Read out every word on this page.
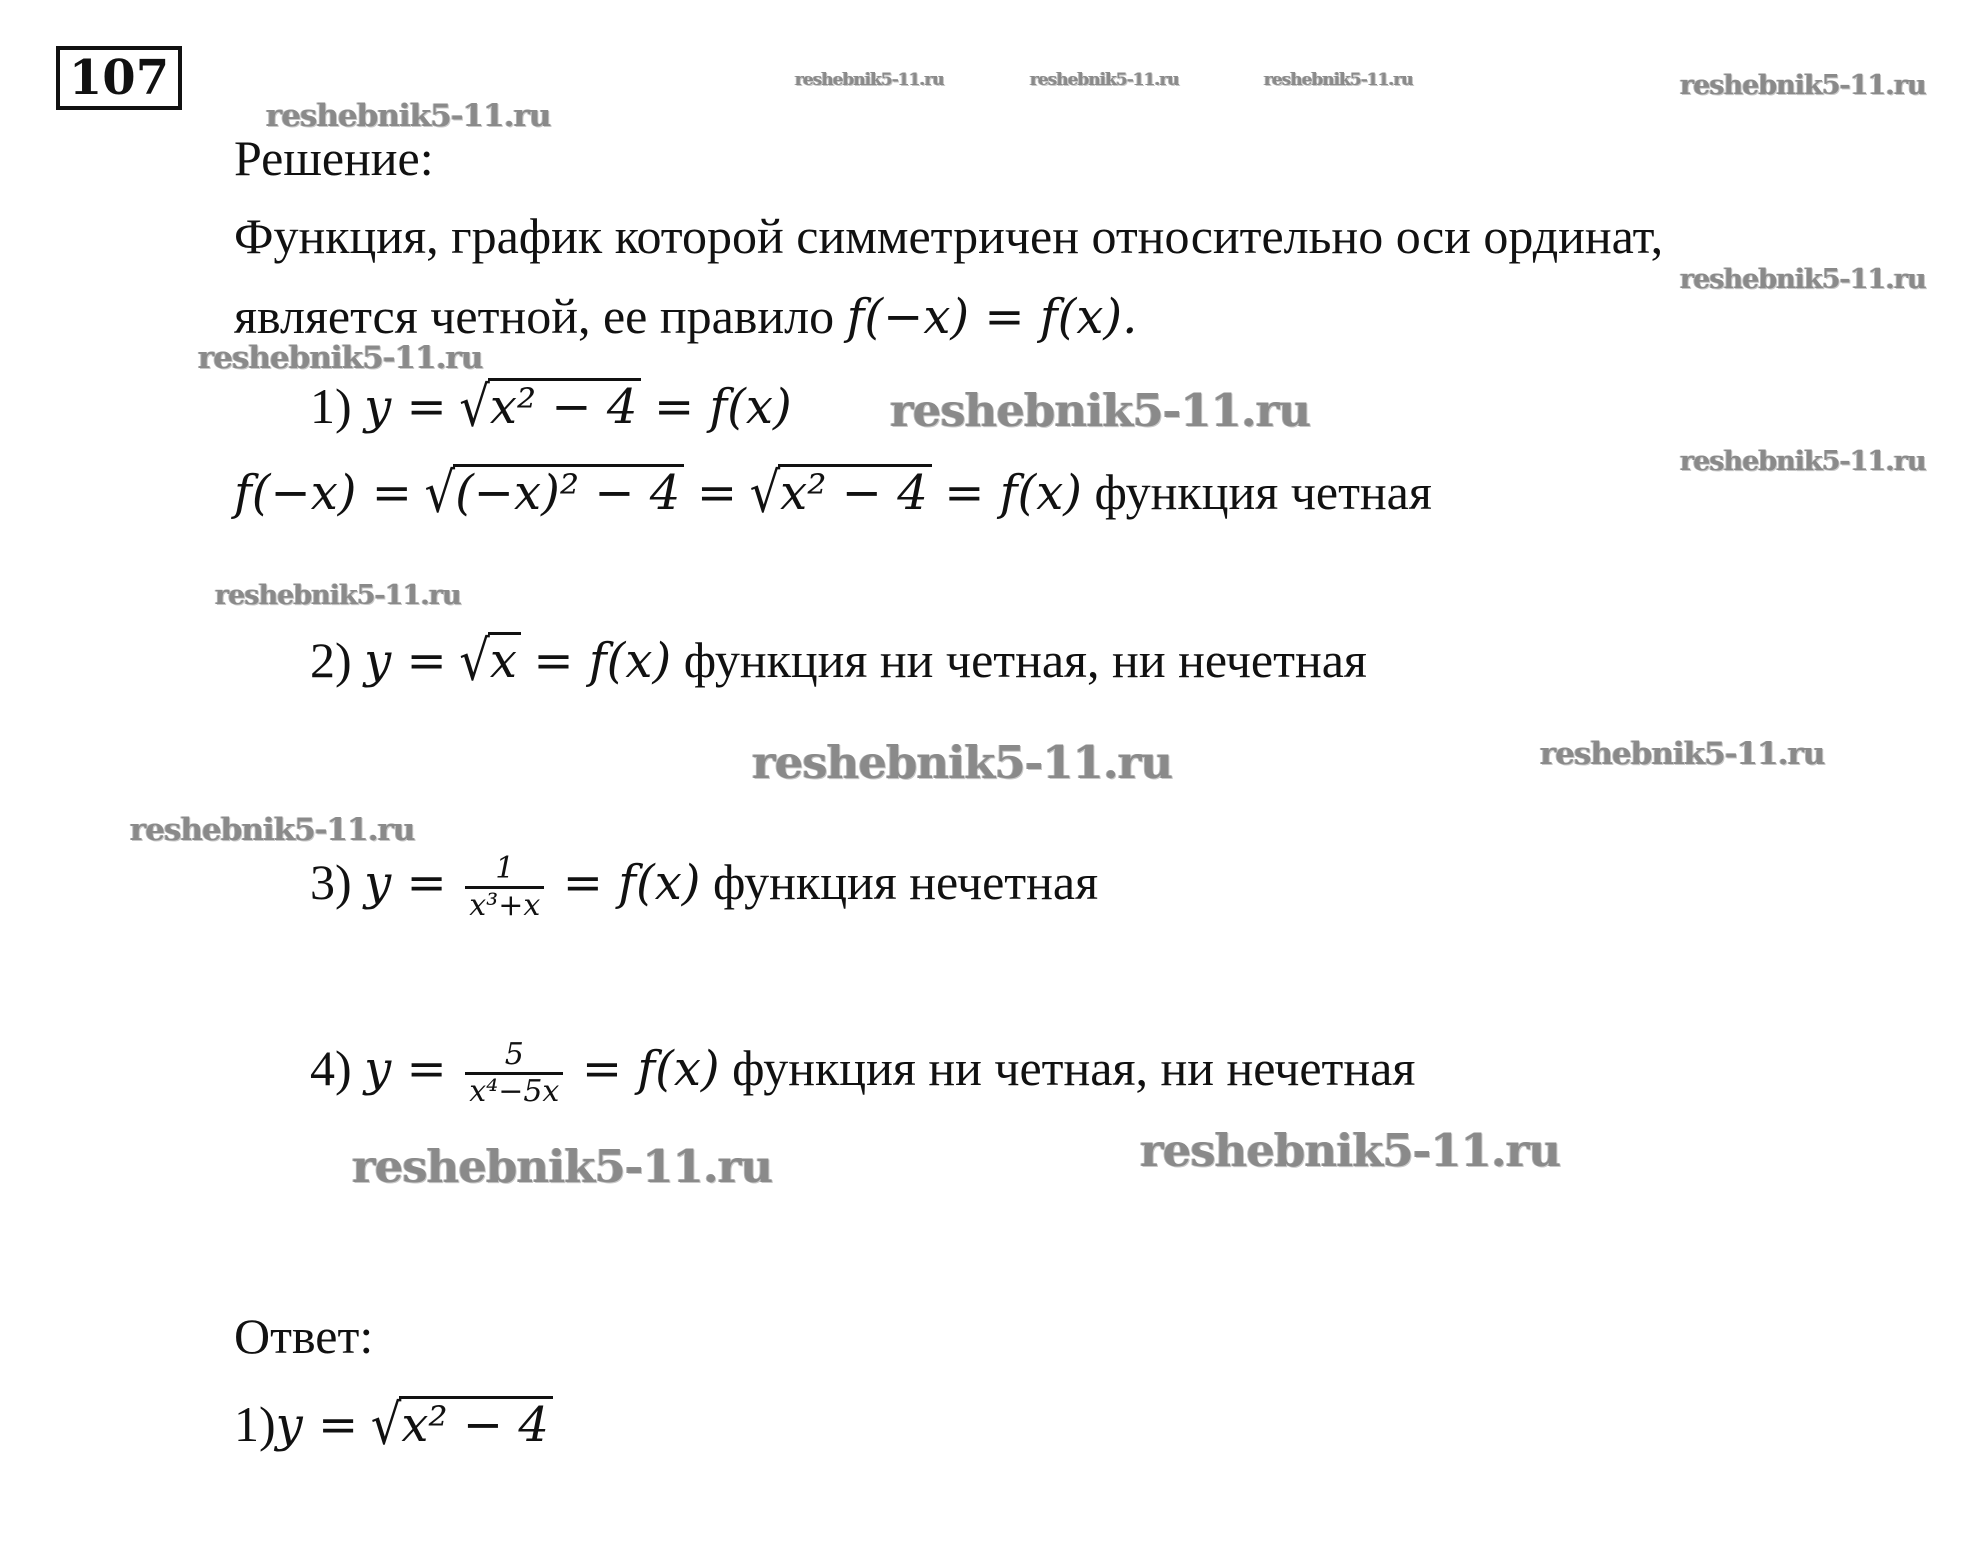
107	reshebnik5-11.ru	reshebnik5-11.ru	reshebnik5-11.ru	reshebnik5-11.ru
reshebnik5-11.ru
reshebnik5-11.ru
reshebnik5-11.ru
reshebnik5-11.ru
reshebnik5-11.ru
reshebnik5-11.ru
reshebnik5-11.ru	reshebnik5-11.ru
reshebnik5-11.ru
reshebnik5-11.ru	reshebnik5-11.ru
Решение:
Функция, график которой симметричен относительно оси ординат,
является четной, ее правило f(−x) = f(x).
1) y = √x² − 4 = f(x)
f(−x) = √(−x)² − 4 = √x² − 4 = f(x) функция четная
2) y = √x = f(x) функция ни четная, ни нечетная
3) $y = \frac{1}{\text{x³+x}} = f(x)$ функция нечетная
4) $y = \frac{5}{\text{x⁴−5x}} = f(x)$ функция ни четная, ни нечетная
Ответ:
1)y = √x² − 4
